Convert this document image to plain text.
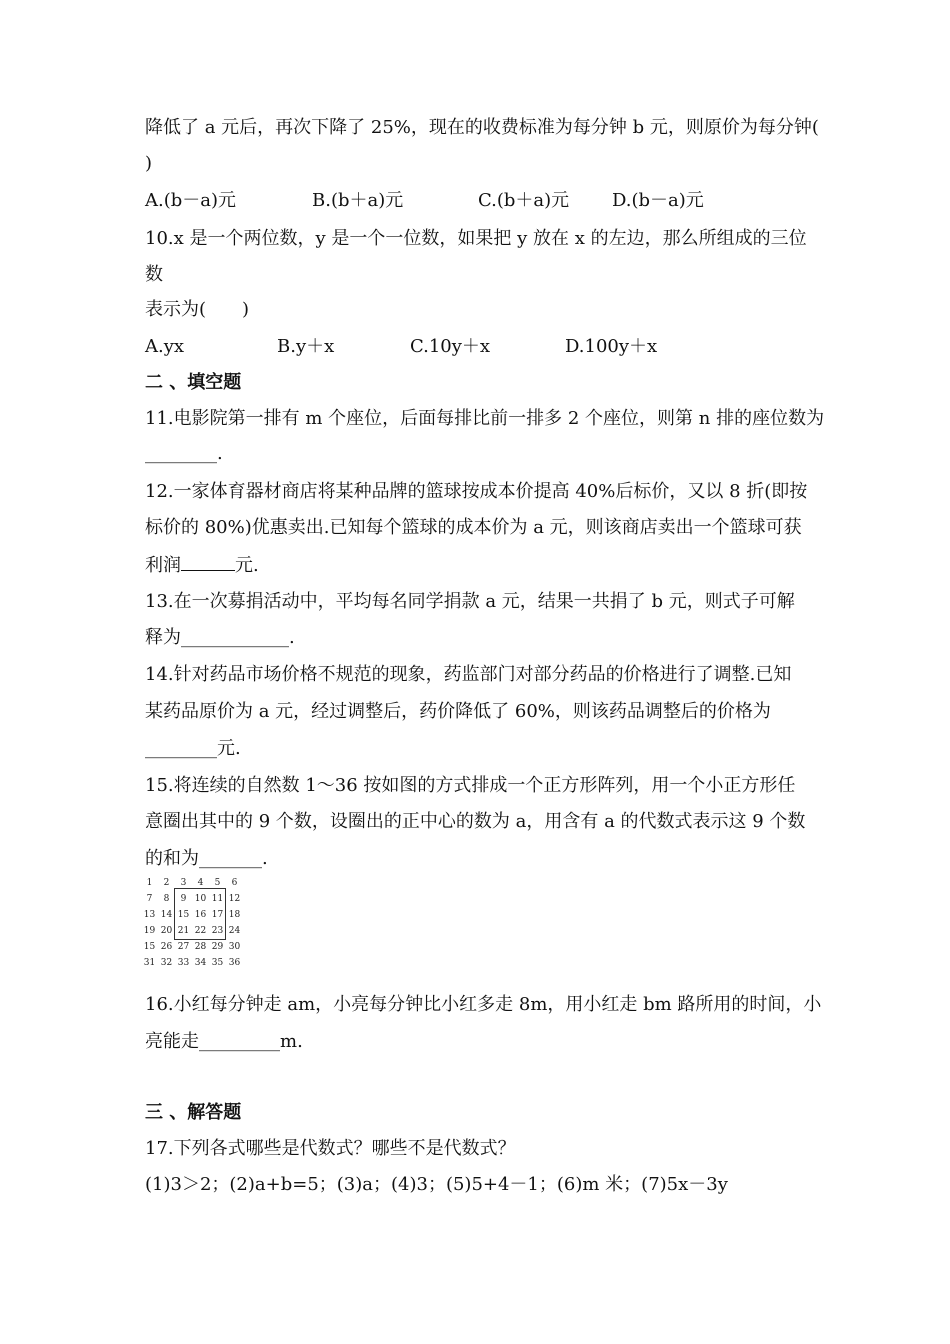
降低了 a 元后，再次下降了 25%，现在的收费标准为每分钟 b 元，则原价为每分钟(
)
A.(b－a)元	B.(b＋a)元	C.(b＋a)元 D.(b－a)元
10.x 是一个两位数，y 是一个一位数，如果把 y 放在 x 的左边，那么所组成的三位
数
表示为(　　)
A.yx	B.y＋x	C.10y＋x	D.100y＋x
二 、填空题
11.电影院第一排有 m 个座位，后面每排比前一排多 2 个座位，则第 n 排的座位数为
________.
12.一家体育器材商店将某种品牌的篮球按成本价提高 40%后标价，又以 8 折(即按
标价的 80%)优惠卖出.已知每个篮球的成本价为 a 元，则该商店卖出一个篮球可获
利润	元.
13.在一次募捐活动中，平均每名同学捐款 a 元，结果一共捐了 b 元，则式子可解
释为____________.
14.针对药品市场价格不规范的现象，药监部门对部分药品的价格进行了调整.已知
某药品原价为 a 元，经过调整后，药价降低了 60%，则该药品调整后的价格为
________元.
15.将连续的自然数 1～36 按如图的方式排成一个正方形阵列，用一个小正方形任
意圈出其中的 9 个数，设圈出的正中心的数为 a，用含有 a 的代数式表示这 9 个数
的和为_______.
1	2	3	4	5	6
7	8	9	10	11	12
13	14	15	16	17	18
19	20	21	22	23	24
15	26	27	28	29	30
31	32	33	34	35	36
16.小红每分钟走 am，小亮每分钟比小红多走 8m，用小红走 bm 路所用的时间，小
亮能走_________m.
三 、解答题
17.下列各式哪些是代数式？哪些不是代数式？
(1)3＞2；(2)a+b=5；(3)a；(4)3；(5)5+4－1；(6)m 米；(7)5x－3y
